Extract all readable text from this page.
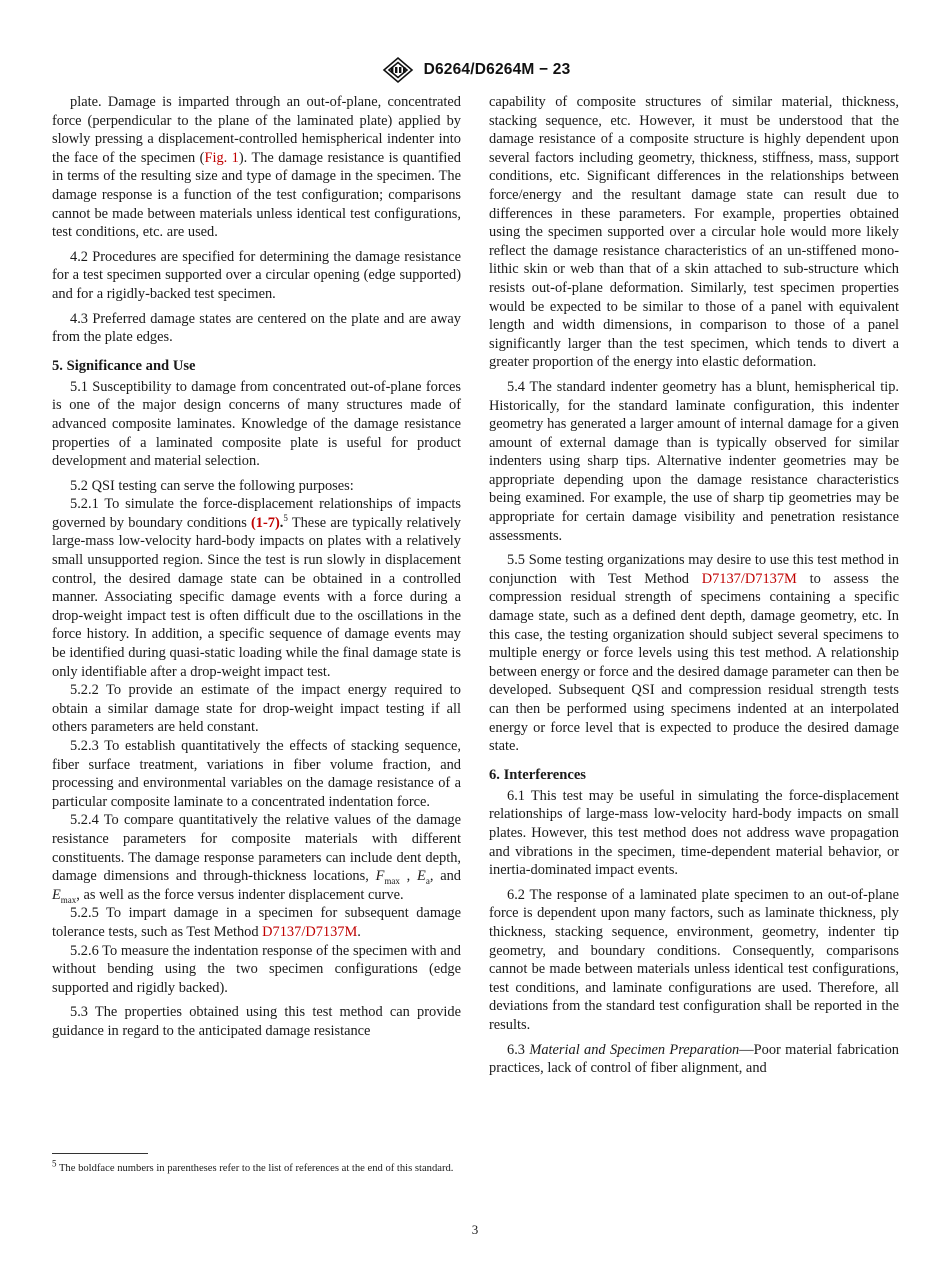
D6264/D6264M − 23

plate. Damage is imparted through an out-of-plane, concentrated force (perpendicular to the plane of the laminated plate) applied by slowly pressing a displacement-controlled hemispherical indenter into the face of the specimen (Fig. 1). The damage resistance is quantified in terms of the resulting size and type of damage in the specimen. The damage response is a function of the test configuration; comparisons cannot be made between materials unless identical test configurations, test conditions, etc. are used.

4.2 Procedures are specified for determining the damage resistance for a test specimen supported over a circular opening (edge supported) and for a rigidly-backed test specimen.

4.3 Preferred damage states are centered on the plate and are away from the plate edges.

5. Significance and Use

5.1 Susceptibility to damage from concentrated out-of-plane forces is one of the major design concerns of many structures made of advanced composite laminates. Knowledge of the damage resistance properties of a laminated composite plate is useful for product development and material selection.

5.2 QSI testing can serve the following purposes:

5.2.1 To simulate the force-displacement relationships of impacts governed by boundary conditions (1-7).$^5$ These are typically relatively large-mass low-velocity hard-body impacts on plates with a relatively small unsupported region. Since the test is run slowly in displacement control, the desired damage state can be obtained in a controlled manner. Associating specific damage events with a force during a drop-weight impact test is often difficult due to the oscillations in the force history. In addition, a specific sequence of damage events may be identified during quasi-static loading while the final damage state is only identifiable after a drop-weight impact test.

5.2.2 To provide an estimate of the impact energy required to obtain a similar damage state for drop-weight impact testing if all others parameters are held constant.

5.2.3 To establish quantitatively the effects of stacking sequence, fiber surface treatment, variations in fiber volume fraction, and processing and environmental variables on the damage resistance of a particular composite laminate to a concentrated indentation force.

5.2.4 To compare quantitatively the relative values of the damage resistance parameters for composite materials with different constituents. The damage response parameters can include dent depth, damage dimensions and through-thickness locations, $F_{max}$ , $E_a$, and $E_{max}$, as well as the force versus indenter displacement curve.

5.2.5 To impart damage in a specimen for subsequent damage tolerance tests, such as Test Method D7137/D7137M.

5.2.6 To measure the indentation response of the specimen with and without bending using the two specimen configurations (edge supported and rigidly backed).

5.3 The properties obtained using this test method can provide guidance in regard to the anticipated damage resistance

capability of composite structures of similar material, thickness, stacking sequence, etc. However, it must be understood that the damage resistance of a composite structure is highly dependent upon several factors including geometry, thickness, stiffness, mass, support conditions, etc. Significant differences in the relationships between force/energy and the resultant damage state can result due to differences in these parameters. For example, properties obtained using the specimen supported over a circular hole would more likely reflect the damage resistance characteristics of an un-stiffened monolithic skin or web than that of a skin attached to sub-structure which resists out-of-plane deformation. Similarly, test specimen properties would be expected to be similar to those of a panel with equivalent length and width dimensions, in comparison to those of a panel significantly larger than the test specimen, which tends to divert a greater proportion of the energy into elastic deformation.

5.4 The standard indenter geometry has a blunt, hemispherical tip. Historically, for the standard laminate configuration, this indenter geometry has generated a larger amount of internal damage for a given amount of external damage than is typically observed for similar indenters using sharp tips. Alternative indenter geometries may be appropriate depending upon the damage resistance characteristics being examined. For example, the use of sharp tip geometries may be appropriate for certain damage visibility and penetration resistance assessments.

5.5 Some testing organizations may desire to use this test method in conjunction with Test Method D7137/D7137M to assess the compression residual strength of specimens containing a specific damage state, such as a defined dent depth, damage geometry, etc. In this case, the testing organization should subject several specimens to multiple energy or force levels using this test method. A relationship between energy or force and the desired damage parameter can then be developed. Subsequent QSI and compression residual strength tests can then be performed using specimens indented at an interpolated energy or force level that is expected to produce the desired damage state.

6. Interferences

6.1 This test may be useful in simulating the force-displacement relationships of large-mass low-velocity hard-body impacts on small plates. However, this test method does not address wave propagation and vibrations in the specimen, time-dependent material behavior, or inertia-dominated impact events.

6.2 The response of a laminated plate specimen to an out-of-plane force is dependent upon many factors, such as laminate thickness, ply thickness, stacking sequence, environment, geometry, indenter tip geometry, and boundary conditions. Consequently, comparisons cannot be made between materials unless identical test configurations, test conditions, and laminate configurations are used. Therefore, all deviations from the standard test configuration shall be reported in the results.

6.3 Material and Specimen Preparation—Poor material fabrication practices, lack of control of fiber alignment, and

$^5$ The boldface numbers in parentheses refer to the list of references at the end of this standard.
3
